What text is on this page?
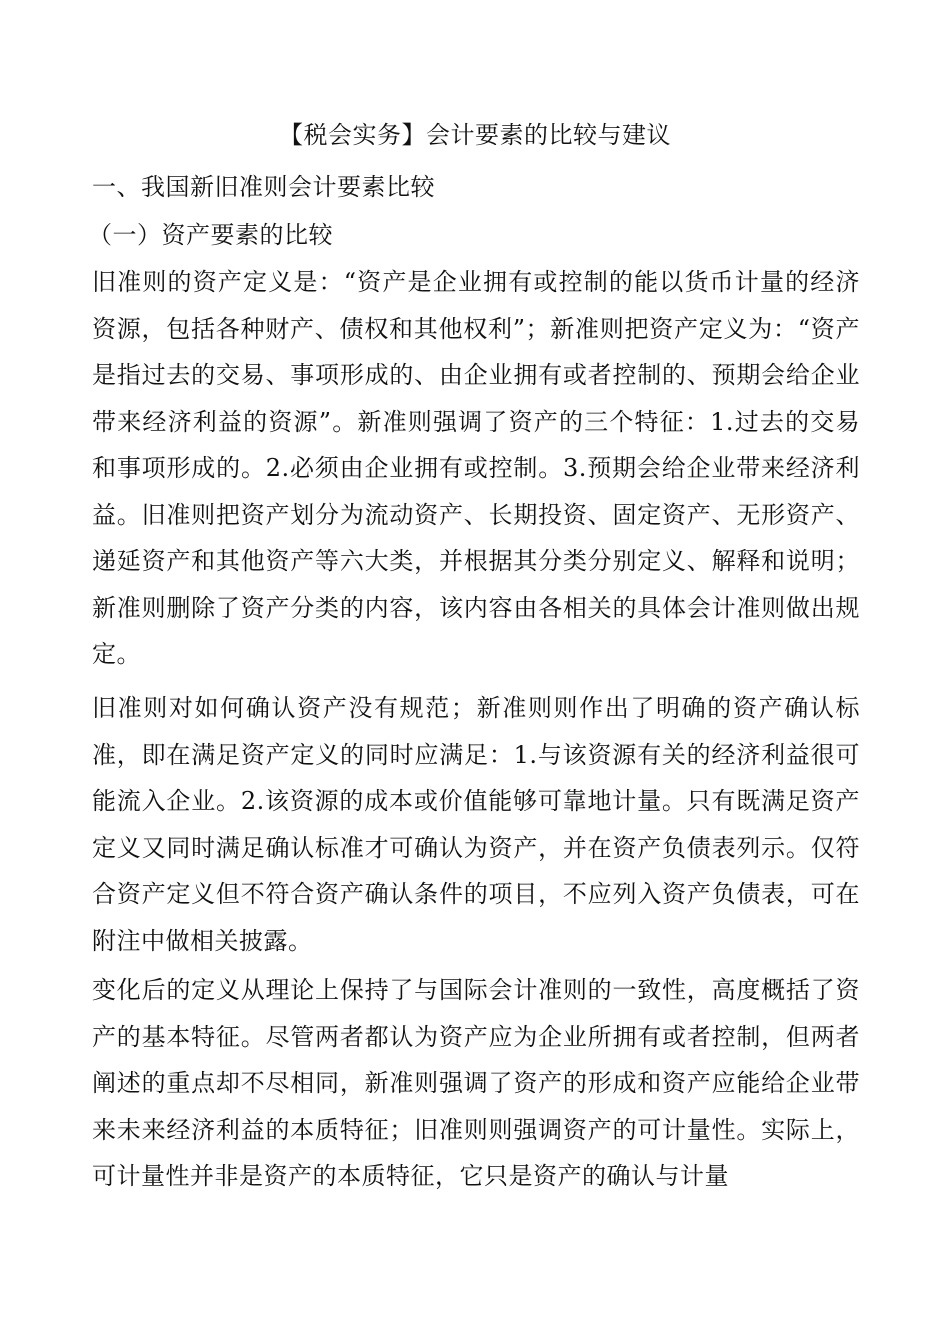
【税会实务】会计要素的比较与建议
一、我国新旧准则会计要素比较
（一）资产要素的比较

旧准则的资产定义是：“资产是企业拥有或控制的能以货币计量的经济资源，包括各种财产、债权和其他权利”；新准则把资产定义为：“资产是指过去的交易、事项形成的、由企业拥有或者控制的、预期会给企业带来经济利益的资源”。新准则强调了资产的三个特征：1.过去的交易和事项形成的。2.必须由企业拥有或控制。3.预期会给企业带来经济利益。旧准则把资产划分为流动资产、长期投资、固定资产、无形资产、递延资产和其他资产等六大类，并根据其分类分别定义、解释和说明；新准则删除了资产分类的内容，该内容由各相关的具体会计准则做出规定。

旧准则对如何确认资产没有规范；新准则则作出了明确的资产确认标准，即在满足资产定义的同时应满足：1.与该资源有关的经济利益很可能流入企业。2.该资源的成本或价值能够可靠地计量。只有既满足资产定义又同时满足确认标准才可确认为资产，并在资产负债表列示。仅符合资产定义但不符合资产确认条件的项目，不应列入资产负债表，可在附注中做相关披露。

变化后的定义从理论上保持了与国际会计准则的一致性，高度概括了资产的基本特征。尽管两者都认为资产应为企业所拥有或者控制，但两者阐述的重点却不尽相同，新准则强调了资产的形成和资产应能给企业带来未来经济利益的本质特征；旧准则则强调资产的可计量性。实际上，可计量性并非是资产的本质特征，它只是资产的确认与计量
